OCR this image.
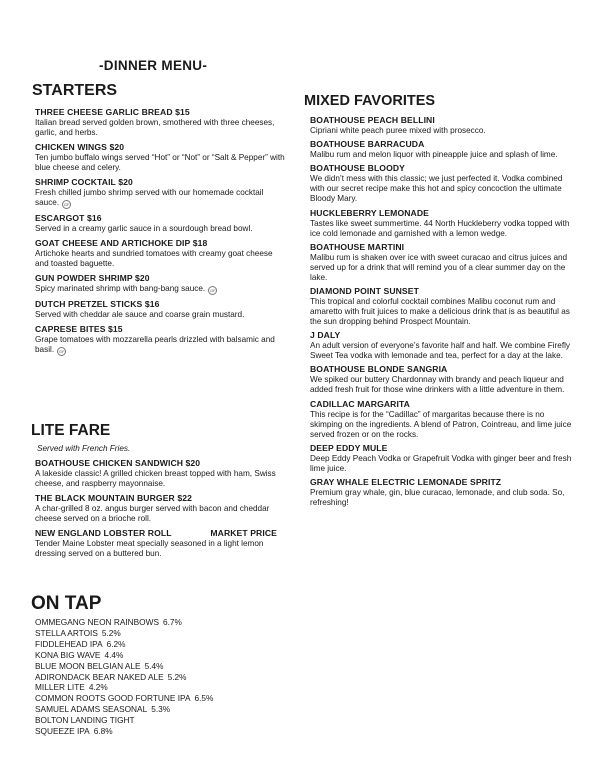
-DINNER MENU-
STARTERS
THREE CHEESE GARLIC BREAD $15
Italian bread served golden brown, smothered with three cheeses, garlic, and herbs.
CHICKEN WINGS $20
Ten jumbo buffalo wings served “Hot” or “Not” or “Salt & Pepper” with blue cheese and celery.
SHRIMP COCKTAIL $20
Fresh chilled jumbo shrimp served with our homemade cocktail sauce. GF
ESCARGOT $16
Served in a creamy garlic sauce in a sourdough bread bowl.
GOAT CHEESE AND ARTICHOKE DIP $18
Artichoke hearts and sundried tomatoes with creamy goat cheese and toasted baguette.
GUN POWDER SHRIMP $20
Spicy marinated shrimp with bang-bang sauce. GF
DUTCH PRETZEL STICKS $16
Served with cheddar ale sauce and coarse grain mustard.
CAPRESE BITES $15
Grape tomatoes with mozzarella pearls drizzled with balsamic and basil. GF
LITE FARE
Served with French Fries.
BOATHOUSE CHICKEN SANDWICH $20
A lakeside classic! A grilled chicken breast topped with ham, Swiss cheese, and raspberry mayonnaise.
THE BLACK MOUNTAIN BURGER $22
A char-grilled 8 oz. angus burger served with bacon and cheddar cheese served on a brioche roll.
NEW ENGLAND LOBSTER ROLL	MARKET PRICE
Tender Maine Lobster meat specially seasoned in a light lemon dressing served on a buttered bun.
ON TAP
OMMEGANG NEON RAINBOWS 6.7%
STELLA ARTOIS 5.2%
FIDDLEHEAD IPA 6.2%
KONA BIG WAVE 4.4%
BLUE MOON BELGIAN ALE 5.4%
ADIRONDACK BEAR NAKED ALE 5.2%
MILLER LITE 4.2%
COMMON ROOTS GOOD FORTUNE IPA 6.5%
SAMUEL ADAMS SEASONAL 5.3%
BOLTON LANDING TIGHT
SQUEEZE IPA 6.8%
MIXED FAVORITES
BOATHOUSE PEACH BELLINI
Cipriani white peach puree mixed with prosecco.
BOATHOUSE BARRACUDA
Malibu rum and melon liquor with pineapple juice and splash of lime.
BOATHOUSE BLOODY
We didn’t mess with this classic; we just perfected it. Vodka combined with our secret recipe make this hot and spicy concoction the ultimate Bloody Mary.
HUCKLEBERRY LEMONADE
Tastes like sweet summertime. 44 North Huckleberry vodka topped with ice cold lemonade and garnished with a lemon wedge.
BOATHOUSE MARTINI
Malibu rum is shaken over ice with sweet curacao and citrus juices and served up for a drink that will remind you of a clear summer day on the lake.
DIAMOND POINT SUNSET
This tropical and colorful cocktail combines Malibu coconut rum and amaretto with fruit juices to make a delicious drink that is as beautiful as the sun dropping behind Prospect Mountain.
J DALY
An adult version of everyone’s favorite half and half. We combine Firefly Sweet Tea vodka with lemonade and tea, perfect for a day at the lake.
BOATHOUSE BLONDE SANGRIA
We spiked our buttery Chardonnay with brandy and peach liqueur and added fresh fruit for those wine drinkers with a little adventure in them.
CADILLAC MARGARITA
This recipe is for the “Cadillac” of margaritas because there is no skimping on the ingredients. A blend of Patron, Cointreau, and lime juice served frozen or on the rocks.
DEEP EDDY MULE
Deep Eddy Peach Vodka or Grapefruit Vodka with ginger beer and fresh lime juice.
GRAY WHALE ELECTRIC LEMONADE SPRITZ
Premium gray whale, gin, blue curacao, lemonade, and club soda. So, refreshing!
